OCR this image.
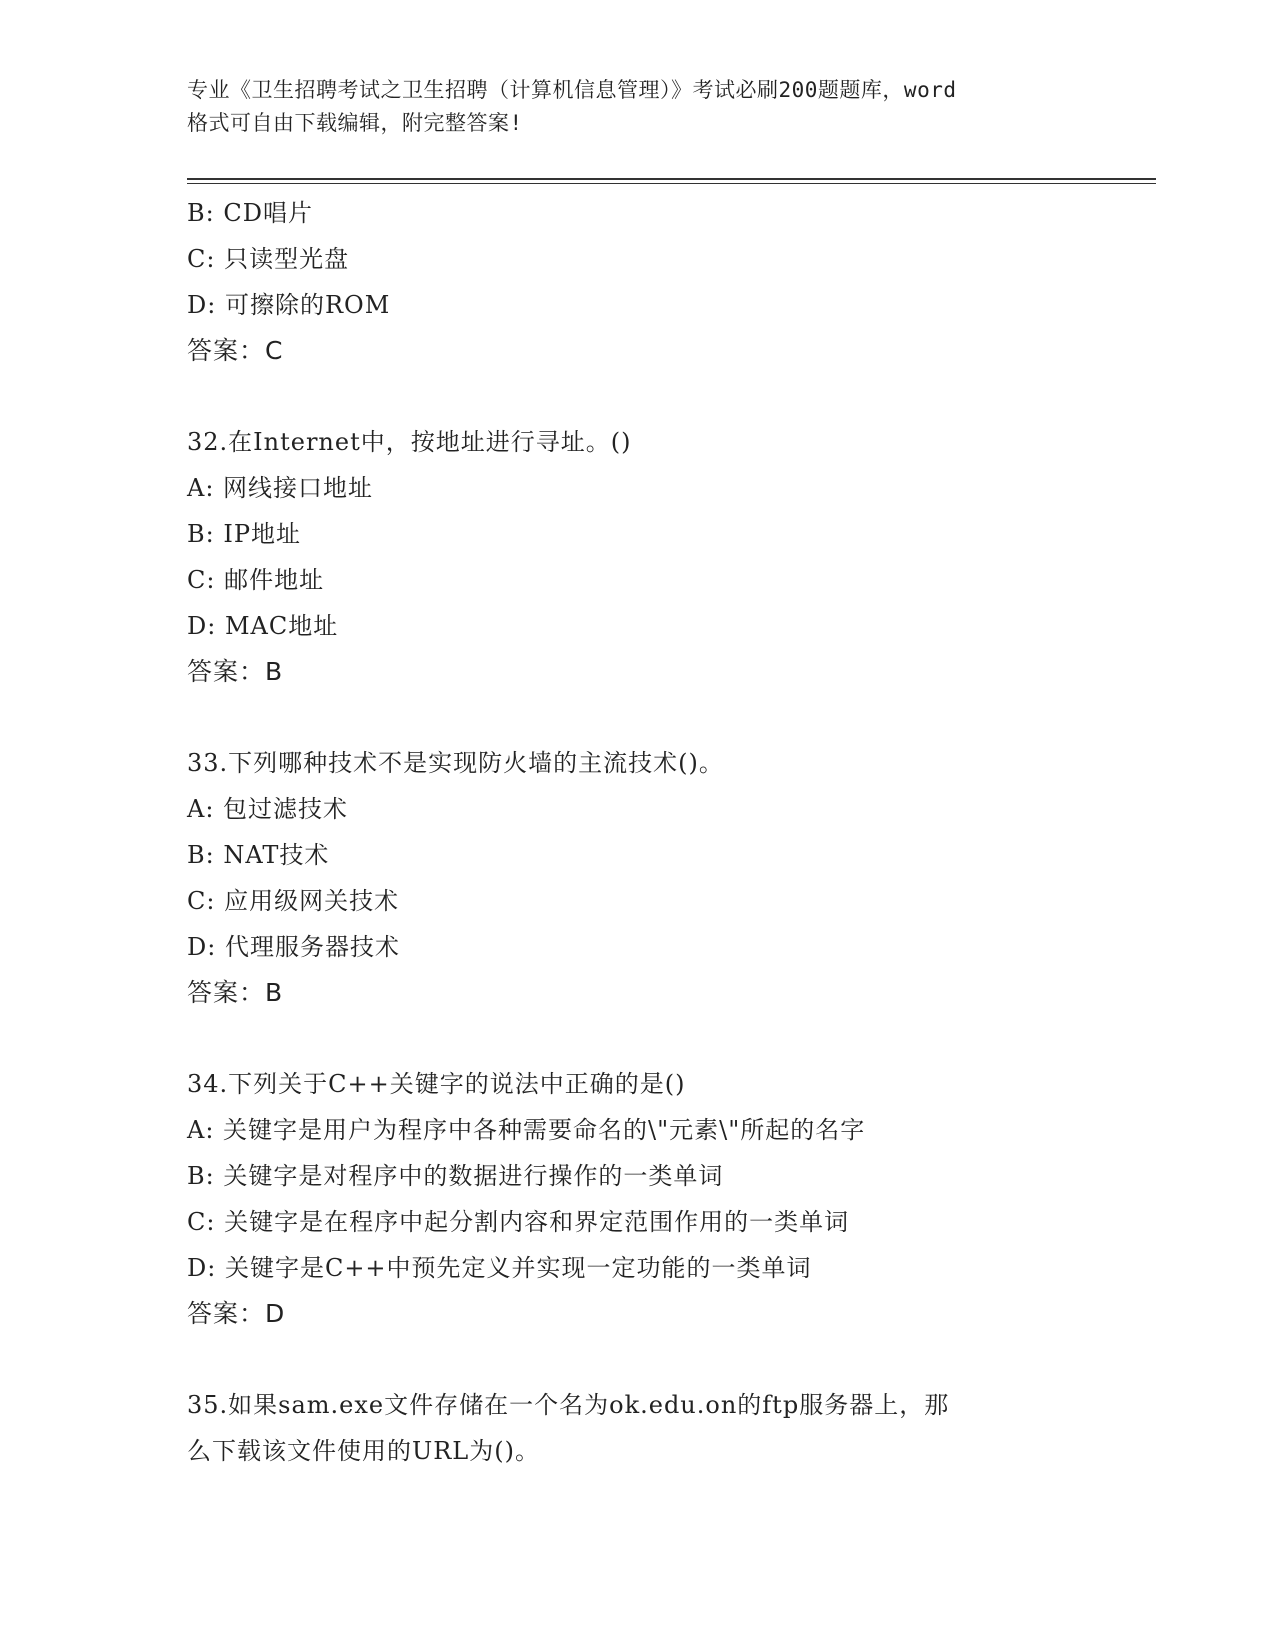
专业《卫生招聘考试之卫生招聘（计算机信息管理）》考试必刷200题题库，word
格式可自由下载编辑，附完整答案!
B: CD唱片
C: 只读型光盘
D: 可擦除的ROM
答案：C
32.在Internet中，按地址进行寻址。()
A: 网线接口地址
B: IP地址
C: 邮件地址
D: MAC地址
答案：B
33.下列哪种技术不是实现防火墙的主流技术()。
A: 包过滤技术
B: NAT技术
C: 应用级网关技术
D: 代理服务器技术
答案：B
34.下列关于C++关键字的说法中正确的是()
A: 关键字是用户为程序中各种需要命名的\"元素\"所起的名字
B: 关键字是对程序中的数据进行操作的一类单词
C: 关键字是在程序中起分割内容和界定范围作用的一类单词
D: 关键字是C++中预先定义并实现一定功能的一类单词
答案：D
35.如果sam.exe文件存储在一个名为ok.edu.on的ftp服务器上，那
么下载该文件使用的URL为()。
